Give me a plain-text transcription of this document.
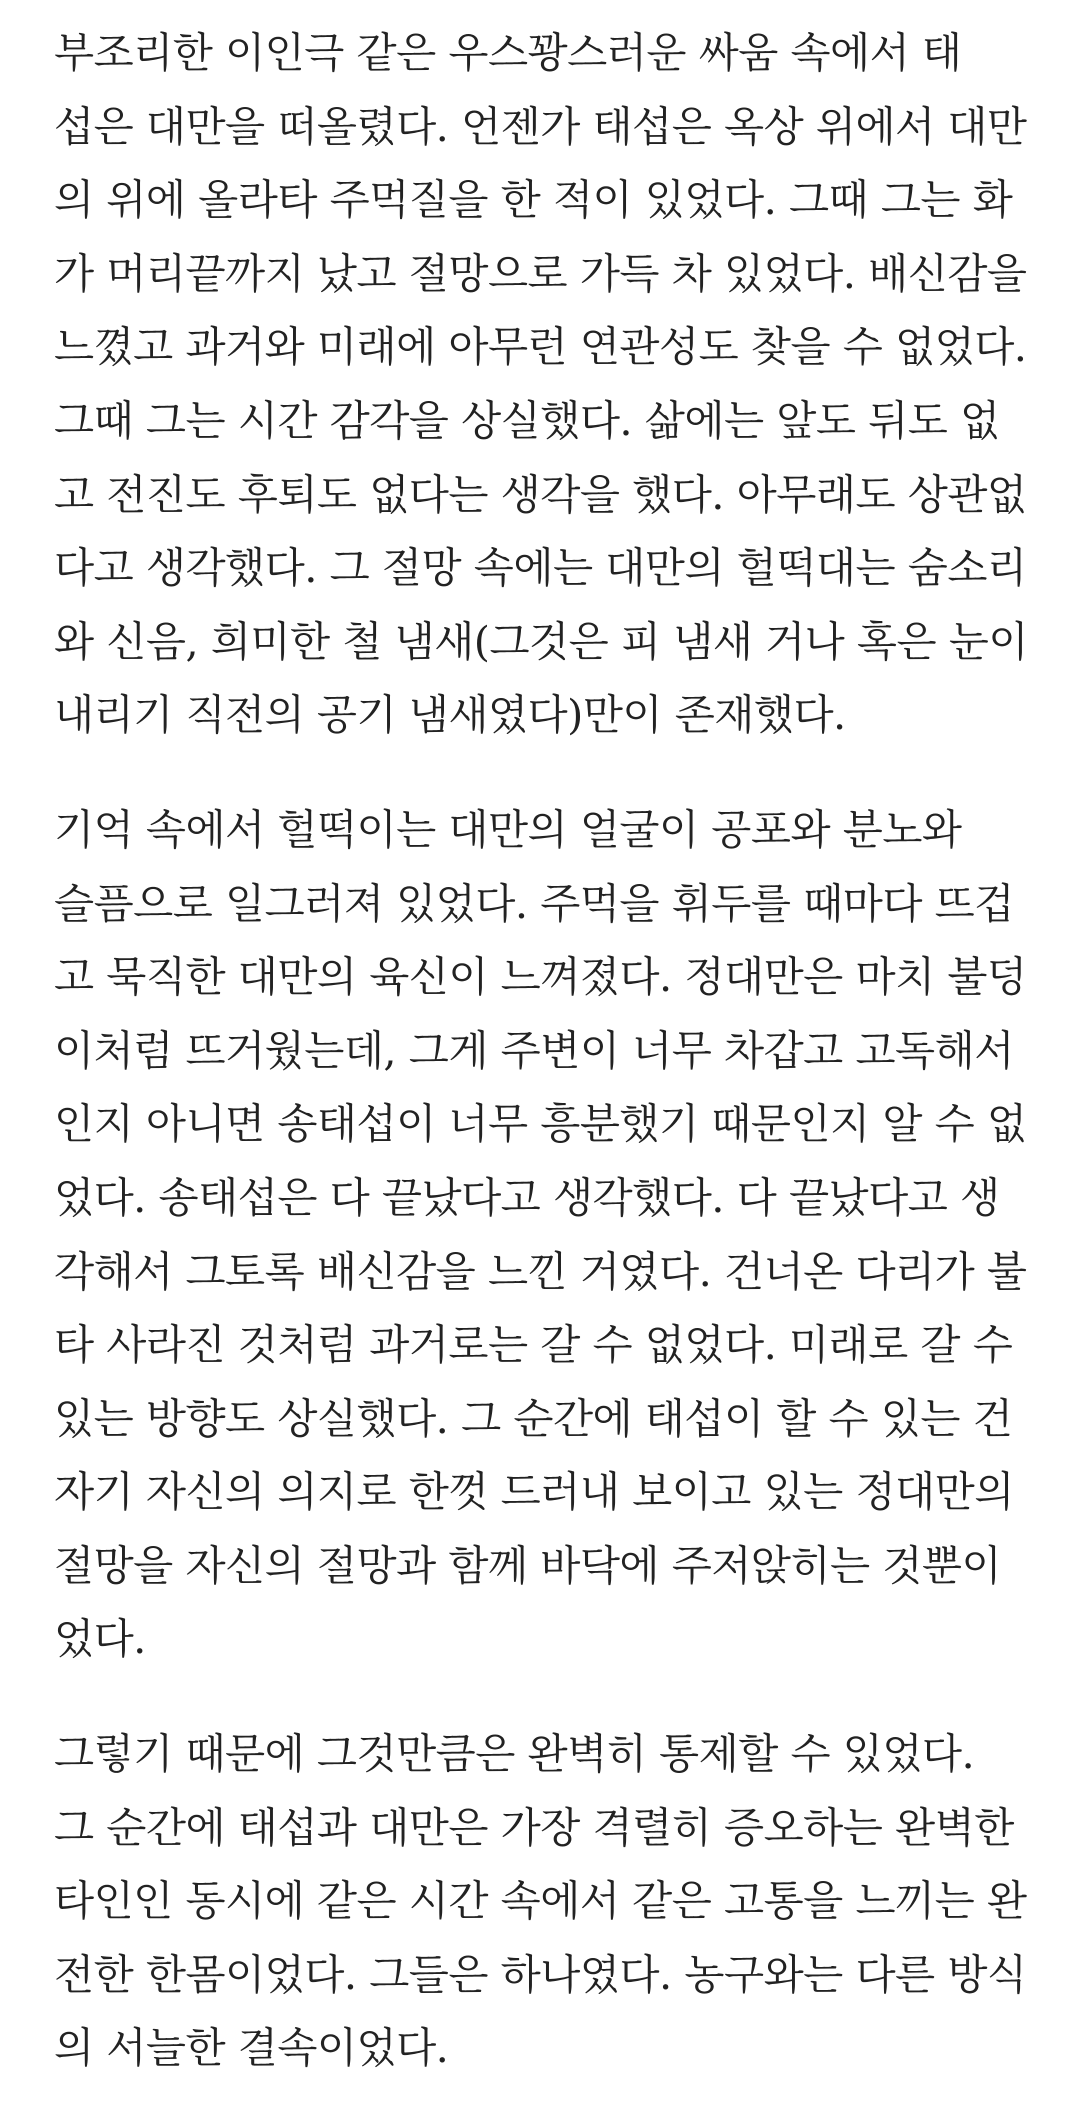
부조리한 이인극 같은 우스꽝스러운 싸움 속에서 태
섭은 대만을 떠올렸다. 언젠가 태섭은 옥상 위에서 대만
의 위에 올라타 주먹질을 한 적이 있었다. 그때 그는 화
가 머리끝까지 났고 절망으로 가득 차 있었다. 배신감을
느꼈고 과거와 미래에 아무런 연관성도 찾을 수 없었다.
그때 그는 시간 감각을 상실했다. 삶에는 앞도 뒤도 없
고 전진도 후퇴도 없다는 생각을 했다. 아무래도 상관없
다고 생각했다. 그 절망 속에는 대만의 헐떡대는 숨소리
와 신음, 희미한 철 냄새(그것은 피 냄새 거나 혹은 눈이
내리기 직전의 공기 냄새였다)만이 존재했다.
기억 속에서 헐떡이는 대만의 얼굴이 공포와 분노와
슬픔으로 일그러져 있었다. 주먹을 휘두를 때마다 뜨겁
고 묵직한 대만의 육신이 느껴졌다. 정대만은 마치 불덩
이처럼 뜨거웠는데, 그게 주변이 너무 차갑고 고독해서
인지 아니면 송태섭이 너무 흥분했기 때문인지 알 수 없
었다. 송태섭은 다 끝났다고 생각했다. 다 끝났다고 생
각해서 그토록 배신감을 느낀 거였다. 건너온 다리가 불
타 사라진 것처럼 과거로는 갈 수 없었다. 미래로 갈 수
있는 방향도 상실했다. 그 순간에 태섭이 할 수 있는 건
자기 자신의 의지로 한껏 드러내 보이고 있는 정대만의
절망을 자신의 절망과 함께 바닥에 주저앉히는 것뿐이
었다.
그렇기 때문에 그것만큼은 완벽히 통제할 수 있었다.
그 순간에 태섭과 대만은 가장 격렬히 증오하는 완벽한
타인인 동시에 같은 시간 속에서 같은 고통을 느끼는 완
전한 한몸이었다. 그들은 하나였다. 농구와는 다른 방식
의 서늘한 결속이었다.
